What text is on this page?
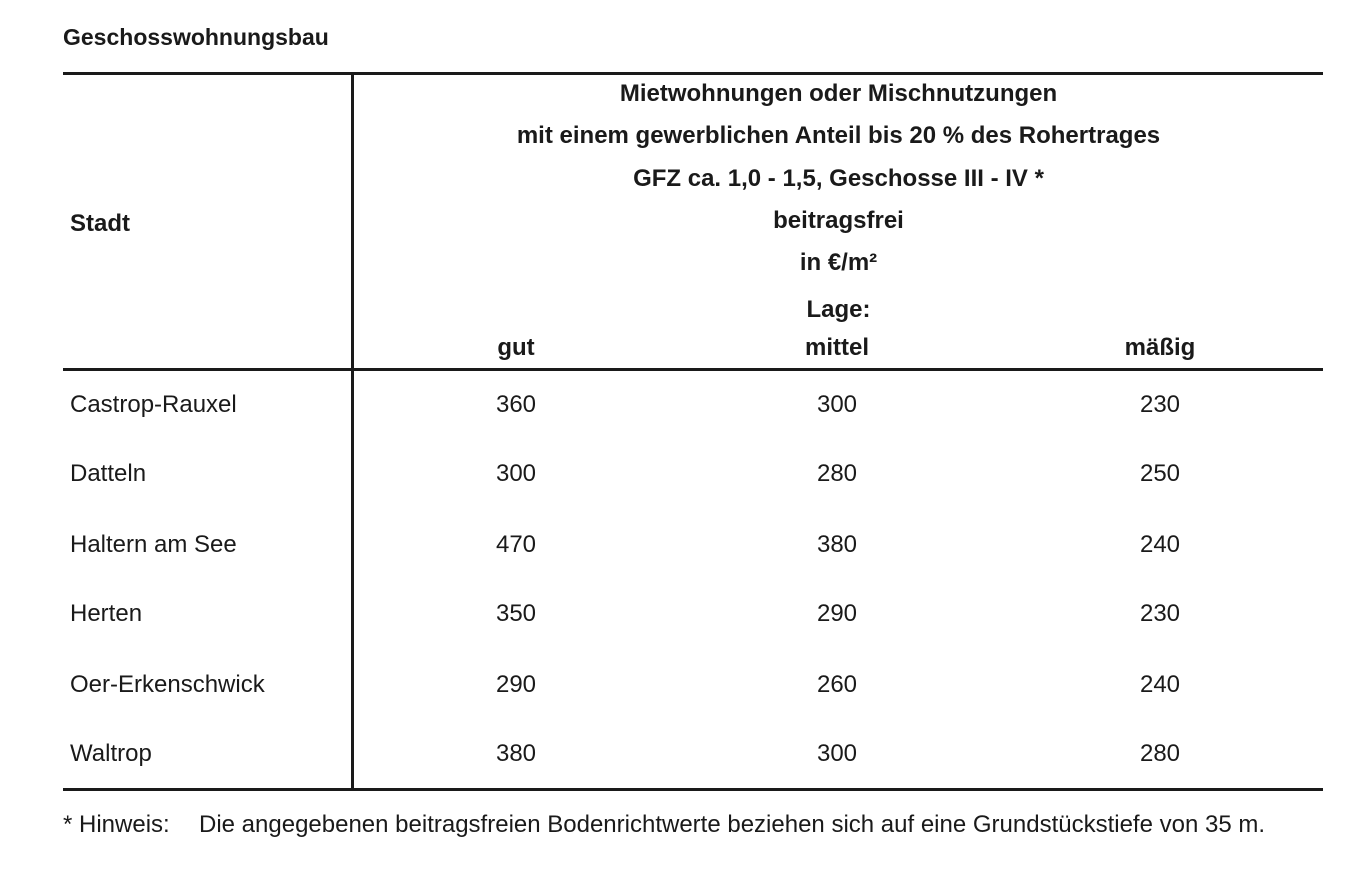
Geschosswohnungsbau
Stadt
Mietwohnungen oder Mischnutzungen
mit einem gewerblichen Anteil bis 20 % des Rohertrages
GFZ ca. 1,0 - 1,5, Geschosse III - IV *
beitragsfrei
in €/m²
Lage:
gut	mittel	mäßig
Castrop-Rauxel	360	300	230
Datteln	300	280	250
Haltern am See	470	380	240
Herten	350	290	230
Oer-Erkenschwick	290	260	240
Waltrop	380	300	280
* Hinweis: Die angegebenen beitragsfreien Bodenrichtwerte beziehen sich auf eine Grundstückstiefe von 35 m.
